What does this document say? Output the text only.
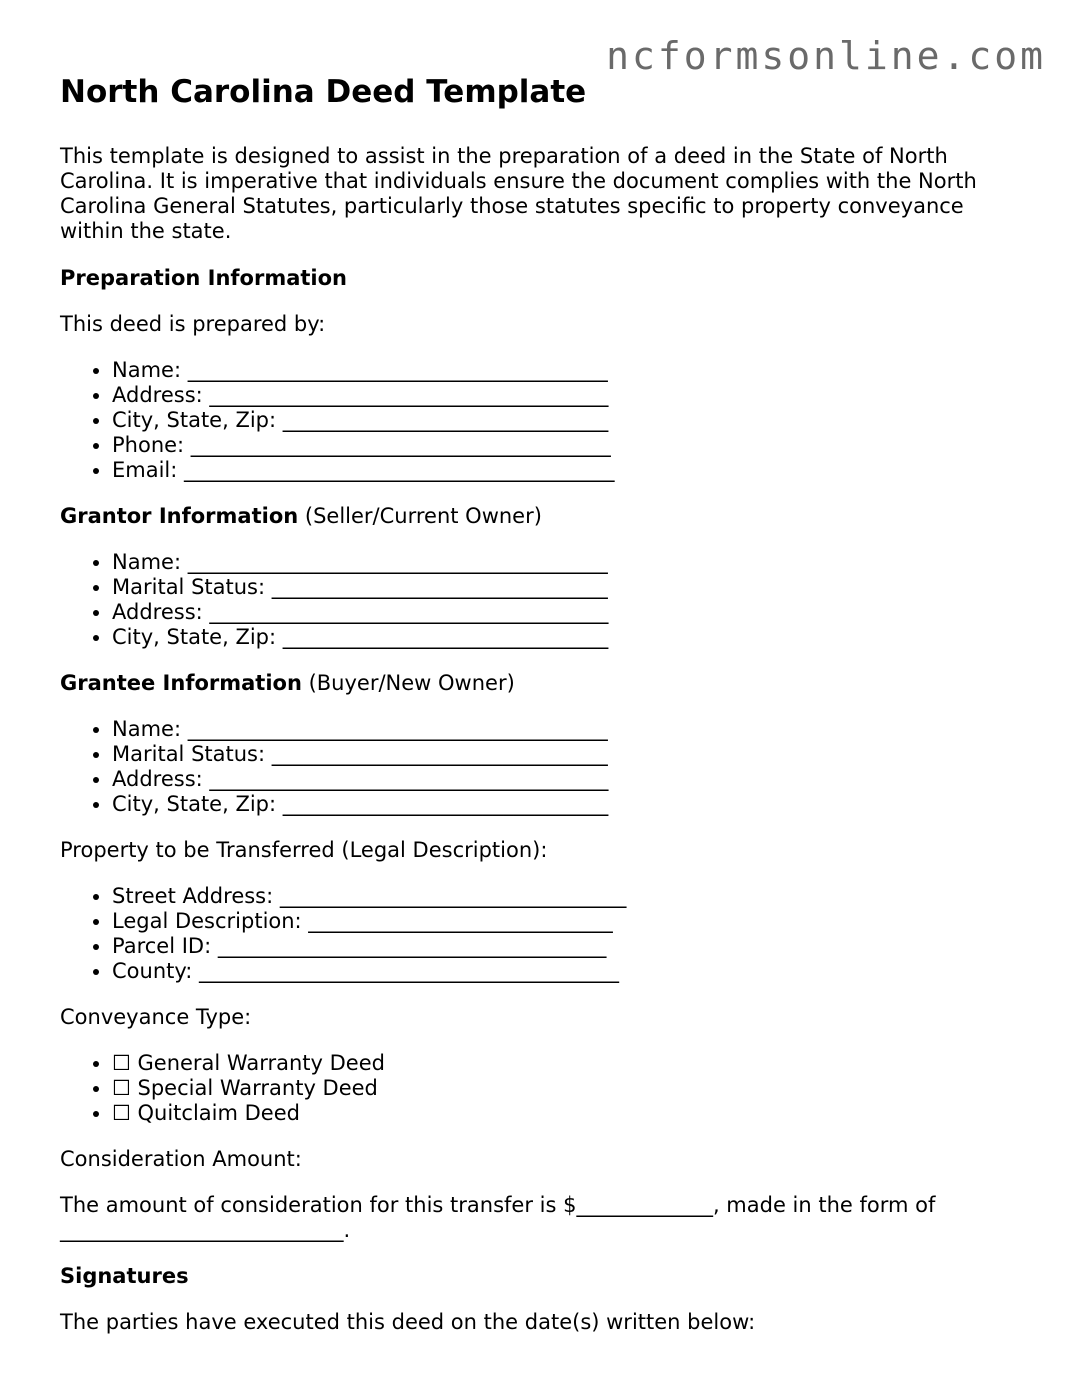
ncformsonline.com
North Carolina Deed Template

This template is designed to assist in the preparation of a deed in the State of North Carolina. It is imperative that individuals ensure the document complies with the North Carolina General Statutes, particularly those statutes specific to property conveyance within the state.

Preparation Information

This deed is prepared by:

• Name: ________________________________________
• Address: ______________________________________
• City, State, Zip: _______________________________
• Phone: ________________________________________
• Email: _________________________________________
Grantor Information (Seller/Current Owner)
• Name: ________________________________________
• Marital Status: ________________________________
• Address: ______________________________________
• City, State, Zip: _______________________________
Grantee Information (Buyer/New Owner)
• Name: ________________________________________
• Marital Status: ________________________________
• Address: ______________________________________
• City, State, Zip: _______________________________

Property to be Transferred (Legal Description):

• Street Address: _________________________________
• Legal Description: _____________________________
• Parcel ID: _____________________________________
• County: ________________________________________

Conveyance Type:

• ☐ General Warranty Deed
• ☐ Special Warranty Deed
• ☐ Quitclaim Deed

Consideration Amount:

The amount of consideration for this transfer is $_____________, made in the form of ___________________________.

Signatures

The parties have executed this deed on the date(s) written below:
